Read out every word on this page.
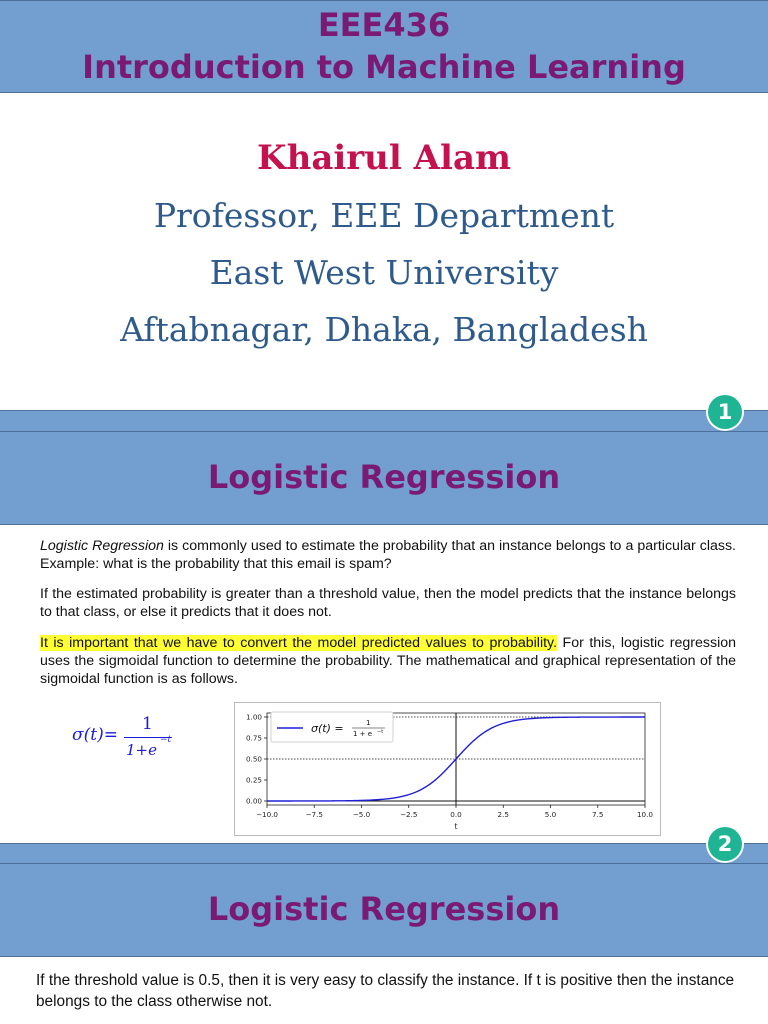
EEE436
Introduction to Machine Learning
Khairul Alam
Professor, EEE Department
East West University
Aftabnagar, Dhaka, Bangladesh
1
Logistic Regression

Logistic Regression is commonly used to estimate the probability that an instance belongs to a particular class. Example: what is the probability that this email is spam?

If the estimated probability is greater than a threshold value, then the model predicts that the instance belongs to that class, or else it predicts that it does not.

It is important that we have to convert the model predicted values to probability. For this, logistic regression uses the sigmoidal function to determine the probability. The mathematical and graphical representation of the sigmoidal function is as follows.

σ(t)=
1
1+e
−t
−10.0	−7.5	−5.0	−2.5	0.0	2.5	5.0	7.5	10.0
0.00
0.25
0.50
0.75
1.00
t
σ(t) =	1
1 + e −t
2
Logistic Regression

If the threshold value is 0.5, then it is very easy to classify the instance. If t is positive then the instance belongs to the class otherwise not.
